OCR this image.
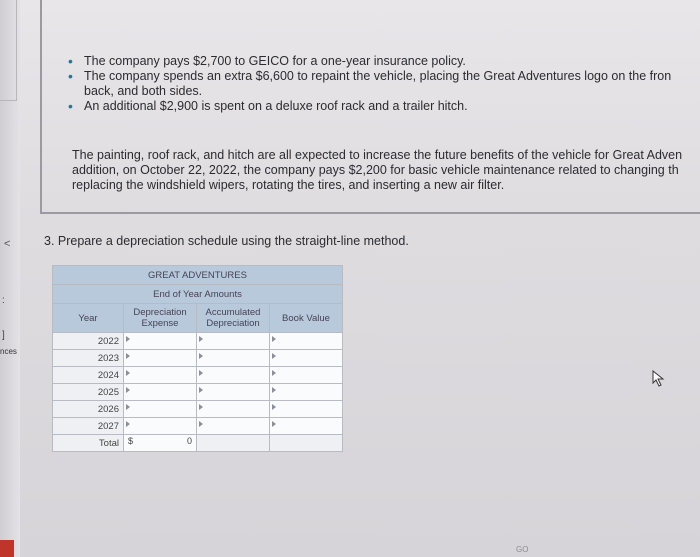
<
:
]
nces
• The company pays $2,700 to GEICO for a one-year insurance policy.
• The company spends an extra $6,600 to repaint the vehicle, placing the Great Adventures logo on the fron
back, and both sides.
• An additional $2,900 is spent on a deluxe roof rack and a trailer hitch.
The painting, roof rack, and hitch are all expected to increase the future benefits of the vehicle for Great Adven
addition, on October 22, 2022, the company pays $2,200 for basic vehicle maintenance related to changing th
replacing the windshield wipers, rotating the tires, and inserting a new air filter.
3. Prepare a depreciation schedule using the straight-line method.
GREAT ADVENTURES			
End of Year Amounts			
Year	Depreciation Expense	Accumulated Depreciation	Book Value
2022			
2023			
2024			
2025			
2026			
2027			
Total	$ 0		

GO
